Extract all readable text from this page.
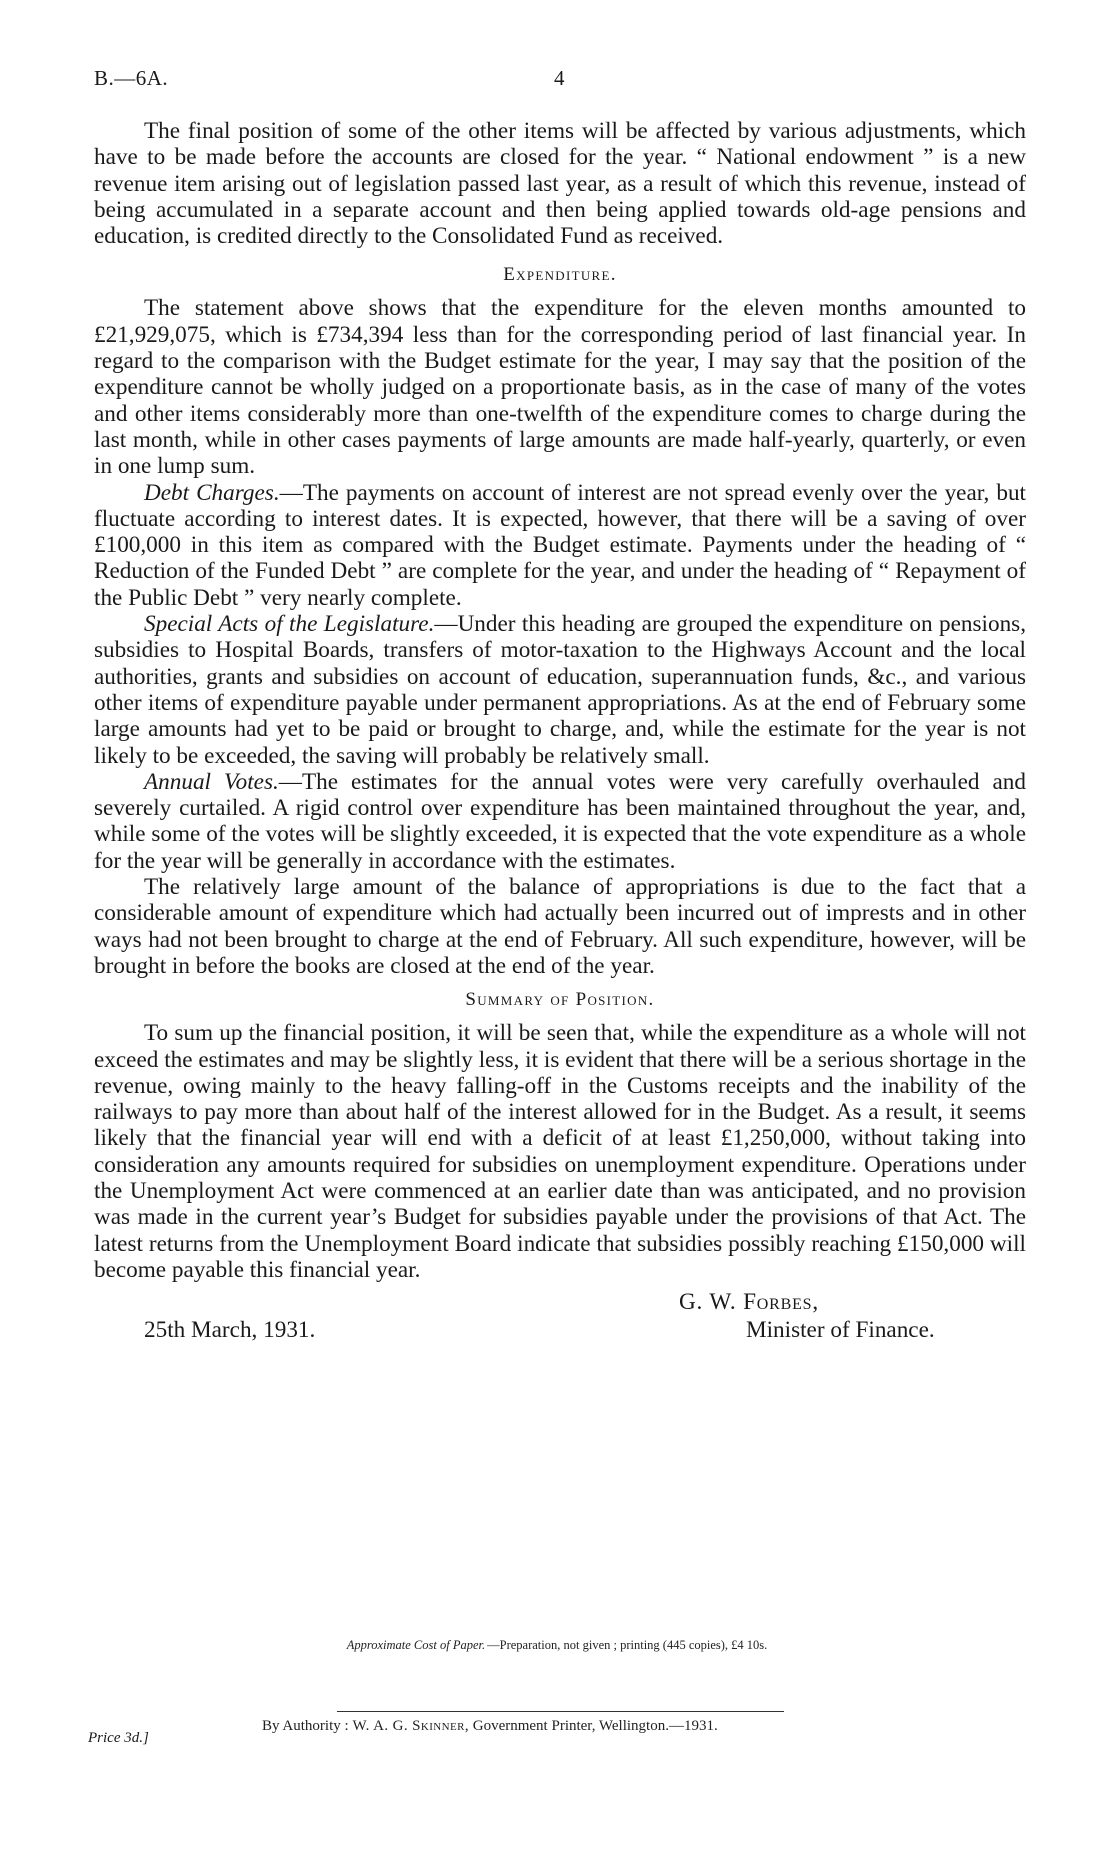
B.—6A.	4

The final position of some of the other items will be affected by various adjustments, which have to be made before the accounts are closed for the year. “ National endowment ” is a new revenue item arising out of legislation passed last year, as a result of which this revenue, instead of being accumulated in a separate account and then being applied towards old-age pensions and education, is credited directly to the Consolidated Fund as received.

Expenditure.

The statement above shows that the expenditure for the eleven months amounted to £21,929,075, which is £734,394 less than for the corresponding period of last financial year. In regard to the comparison with the Budget estimate for the year, I may say that the position of the expenditure cannot be wholly judged on a proportionate basis, as in the case of many of the votes and other items considerably more than one-twelfth of the expenditure comes to charge during the last month, while in other cases payments of large amounts are made half-yearly, quarterly, or even in one lump sum.

Debt Charges.—The payments on account of interest are not spread evenly over the year, but fluctuate according to interest dates. It is expected, however, that there will be a saving of over £100,000 in this item as compared with the Budget estimate. Payments under the heading of “ Reduction of the Funded Debt ” are complete for the year, and under the heading of “ Repayment of the Public Debt ” very nearly complete.

Special Acts of the Legislature.—Under this heading are grouped the expenditure on pensions, subsidies to Hospital Boards, transfers of motor-taxation to the Highways Account and the local authorities, grants and subsidies on account of education, superannuation funds, &c., and various other items of expenditure payable under permanent appropriations. As at the end of February some large amounts had yet to be paid or brought to charge, and, while the estimate for the year is not likely to be exceeded, the saving will probably be relatively small.

Annual Votes.—The estimates for the annual votes were very carefully overhauled and severely curtailed. A rigid control over expenditure has been maintained throughout the year, and, while some of the votes will be slightly exceeded, it is expected that the vote expenditure as a whole for the year will be generally in accordance with the estimates.

The relatively large amount of the balance of appropriations is due to the fact that a considerable amount of expenditure which had actually been incurred out of imprests and in other ways had not been brought to charge at the end of February. All such expenditure, however, will be brought in before the books are closed at the end of the year.

Summary of Position.

To sum up the financial position, it will be seen that, while the expenditure as a whole will not exceed the estimates and may be slightly less, it is evident that there will be a serious shortage in the revenue, owing mainly to the heavy falling-off in the Customs receipts and the inability of the railways to pay more than about half of the interest allowed for in the Budget. As a result, it seems likely that the financial year will end with a deficit of at least £1,250,000, without taking into consideration any amounts required for subsidies on unemployment expenditure. Operations under the Unemployment Act were commenced at an earlier date than was anticipated, and no provision was made in the current year’s Budget for subsidies payable under the provisions of that Act. The latest returns from the Unemployment Board indicate that subsidies possibly reaching £150,000 will become payable this financial year.

25th March, 1931.
G. W. Forbes,
Minister of Finance.
Approximate Cost of Paper. —Preparation, not given ; printing (445 copies), £4 10s.
Price 3d.]
By Authority : W. A. G. Skinner, Government Printer, Wellington.—1931.
